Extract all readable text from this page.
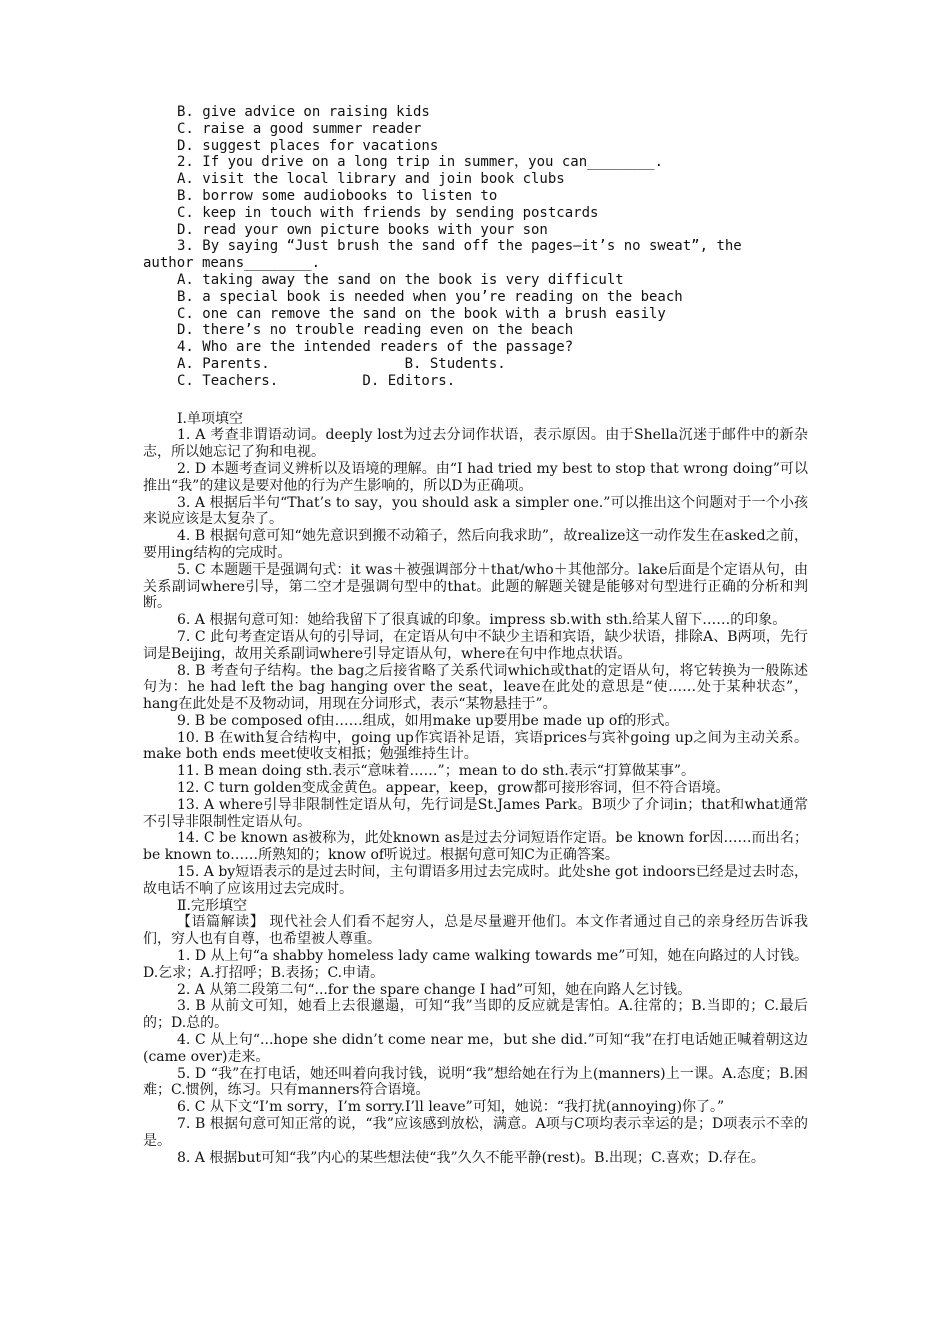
B. give advice on raising kids
C. raise a good summer reader
D. suggest places for vacations
2. If you drive on a long trip in summer，you can________.
A. visit the local library and join book clubs
B. borrow some audiobooks to listen to
C. keep in touch with friends by sending postcards
D. read your own picture books with your son
3. By saying “Just brush the sand off the pages—it’s no sweat”, the
author means________.
A. taking away the sand on the book is very difficult
B. a special book is needed when you’re reading on the beach
C. one can remove the sand on the book with a brush easily
D. there’s no trouble reading even on the beach
4. Who are the intended readers of the passage?
A. Parents.                B. Students.
C. Teachers.          D. Editors.
Ⅰ.单项填空
1. A 考查非谓语动词。deeply lost为过去分词作状语，表示原因。由于Shella沉迷于邮件中的新杂志，所以她忘记了狗和电视。
2. D 本题考查词义辨析以及语境的理解。由“I had tried my best to stop that wrong doing”可以推出“我”的建议是要对他的行为产生影响的，所以D为正确项。
3. A 根据后半句“That’s to say，you should ask a simpler one.”可以推出这个问题对于一个小孩来说应该是太复杂了。
4. B 根据句意可知“她先意识到搬不动箱子，然后向我求助”，故realize这一动作发生在asked之前，要用ing结构的完成时。
5. C 本题题干是强调句式：it was＋被强调部分＋that/who＋其他部分。lake后面是个定语从句，由关系副词where引导，第二空才是强调句型中的that。此题的解题关键是能够对句型进行正确的分析和判断。
6. A 根据句意可知：她给我留下了很真诚的印象。impress sb.with sth.给某人留下……的印象。
7. C 此句考查定语从句的引导词，在定语从句中不缺少主语和宾语，缺少状语，排除A、B两项，先行词是Beijing，故用关系副词where引导定语从句，where在句中作地点状语。
8. B 考查句子结构。the bag之后接省略了关系代词which或that的定语从句，将它转换为一般陈述句为：he had left the bag hanging over the seat，leave在此处的意思是“使……处于某种状态”，hang在此处是不及物动词，用现在分词形式，表示“某物悬挂于”。
9. B be composed of由……组成，如用make up要用be made up of的形式。
10. B 在with复合结构中，going up作宾语补足语，宾语prices与宾补going up之间为主动关系。make both ends meet使收支相抵；勉强维持生计。
11. B mean doing sth.表示“意味着……”；mean to do sth.表示“打算做某事”。
12. C turn golden变成金黄色。appear，keep，grow都可接形容词，但不符合语境。
13. A where引导非限制性定语从句，先行词是St.James Park。B项少了介词in；that和what通常不引导非限制性定语从句。
14. C be known as被称为，此处known as是过去分词短语作定语。be known for因……而出名；be known to……所熟知的；know of听说过。根据句意可知C为正确答案。
15. A by短语表示的是过去时间，主句谓语多用过去完成时。此处she got indoors已经是过去时态，故电话不响了应该用过去完成时。
Ⅱ.完形填空
【语篇解读】 现代社会人们看不起穷人，总是尽量避开他们。本文作者通过自己的亲身经历告诉我们，穷人也有自尊，也希望被人尊重。
1. D 从上句“a shabby homeless lady came walking towards me”可知，她在向路过的人讨钱。D.乞求；A.打招呼；B.表扬；C.申请。
2. A 从第二段第二句“...for the spare change I had”可知，她在向路人乞讨钱。
3. B 从前文可知，她看上去很邋遢，可知“我”当即的反应就是害怕。A.往常的；B.当即的；C.最后的；D.总的。
4. C 从上句“...hope she didn’t come near me，but she did.”可知“我”在打电话她正喊着朝这边(came over)走来。
5. D “我”在打电话，她还叫着向我讨钱，说明“我”想给她在行为上(manners)上一课。A.态度；B.困难；C.惯例，练习。只有manners符合语境。
6. C 从下文“I’m sorry，I’m sorry.I’ll leave”可知，她说：“我打扰(annoying)你了。”
7. B 根据句意可知正常的说，“我”应该感到放松，满意。A项与C项均表示幸运的是；D项表示不幸的是。
8. A 根据but可知“我”内心的某些想法使“我”久久不能平静(rest)。B.出现；C.喜欢；D.存在。
